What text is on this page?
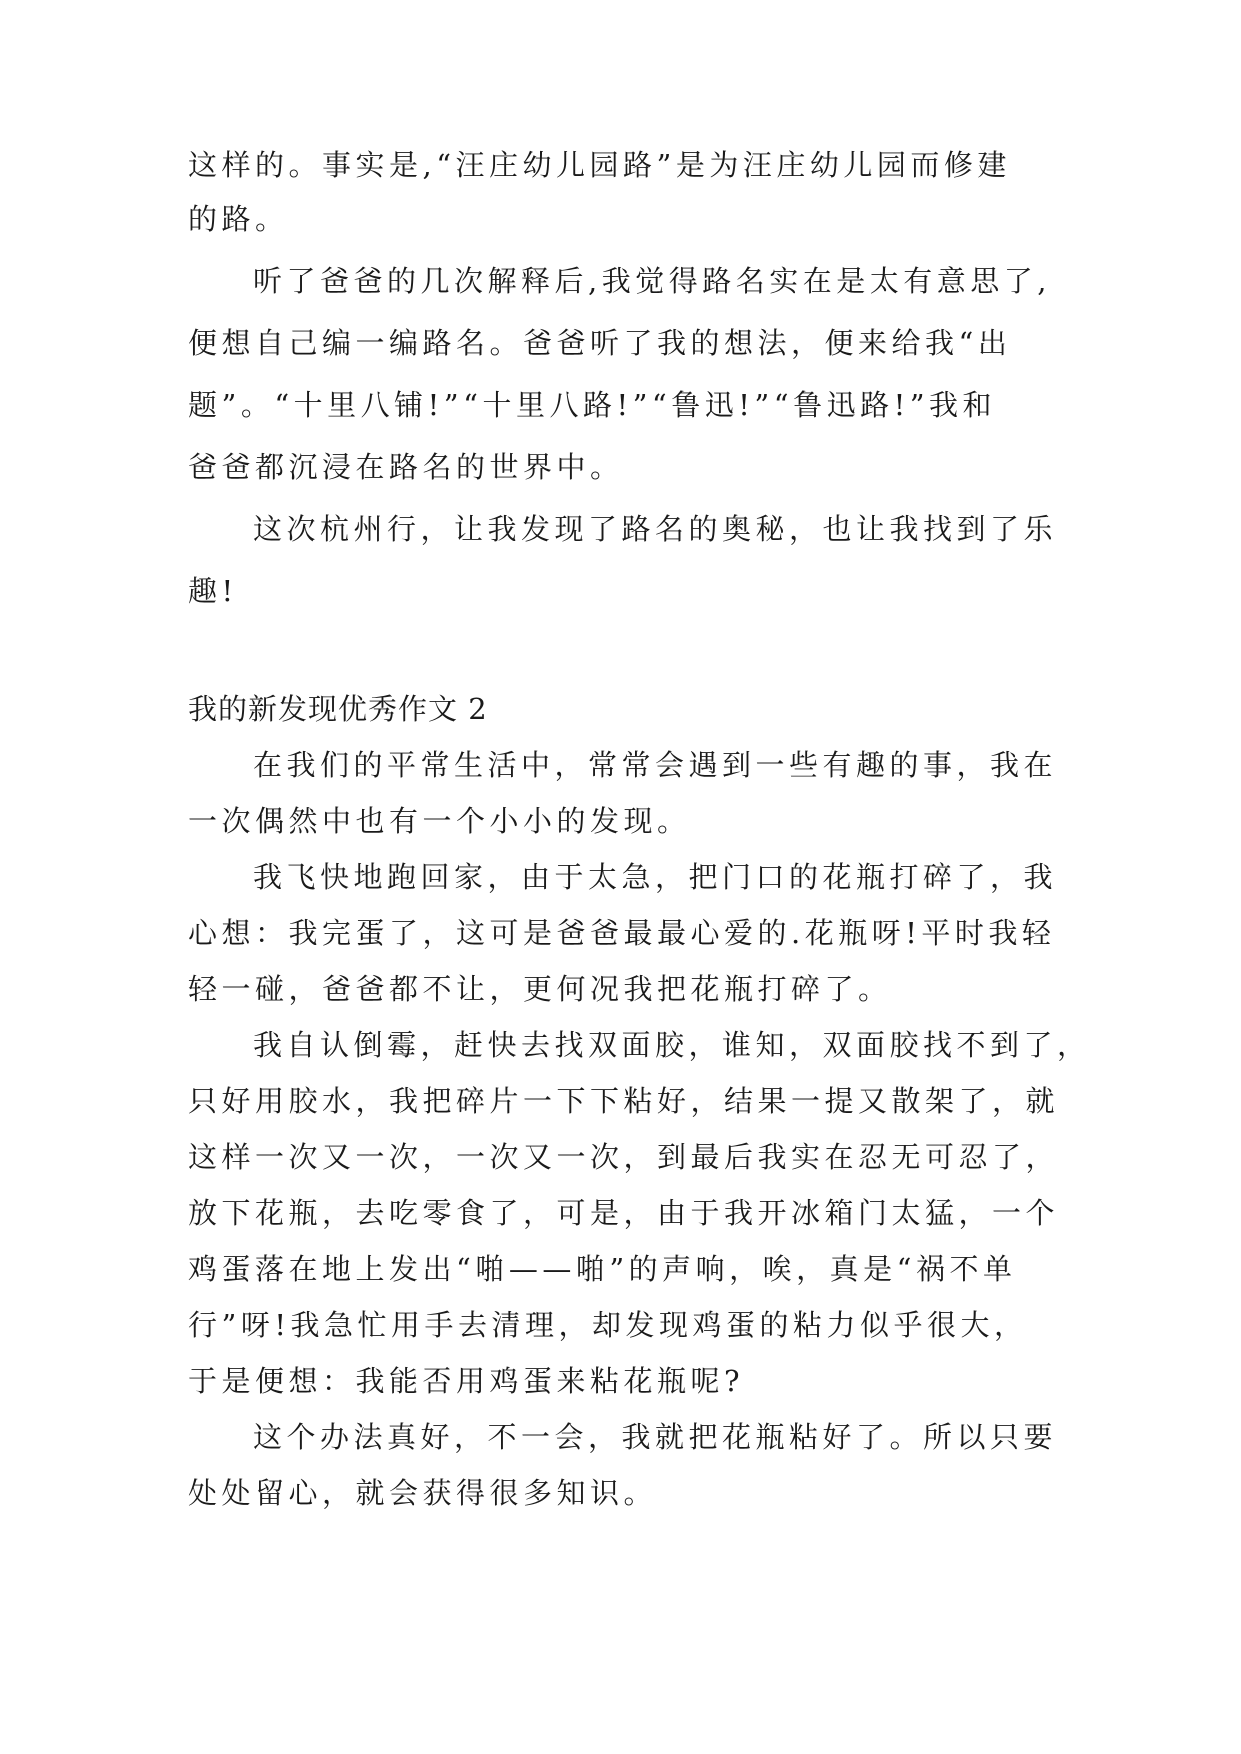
这样的。事实是,“汪庄幼儿园路”是为汪庄幼儿园而修建
的路。
听了爸爸的几次解释后,我觉得路名实在是太有意思了,
便想自己编一编路名。爸爸听了我的想法，便来给我“出
题”。“十里八铺!”“十里八路!”“鲁迅!”“鲁迅路!”我和
爸爸都沉浸在路名的世界中。
这次杭州行，让我发现了路名的奥秘，也让我找到了乐
趣!
我的新发现优秀作文 2
在我们的平常生活中，常常会遇到一些有趣的事，我在
一次偶然中也有一个小小的发现。
我飞快地跑回家，由于太急，把门口的花瓶打碎了，我
心想：我完蛋了，这可是爸爸最最心爱的.花瓶呀!平时我轻
轻一碰，爸爸都不让，更何况我把花瓶打碎了。
我自认倒霉，赶快去找双面胶，谁知，双面胶找不到了，
只好用胶水，我把碎片一下下粘好，结果一提又散架了，就
这样一次又一次，一次又一次，到最后我实在忍无可忍了，
放下花瓶，去吃零食了，可是，由于我开冰箱门太猛，一个
鸡蛋落在地上发出“啪——啪”的声响，唉，真是“祸不单
行”呀!我急忙用手去清理，却发现鸡蛋的粘力似乎很大，
于是便想：我能否用鸡蛋来粘花瓶呢?
这个办法真好，不一会，我就把花瓶粘好了。所以只要
处处留心，就会获得很多知识。
